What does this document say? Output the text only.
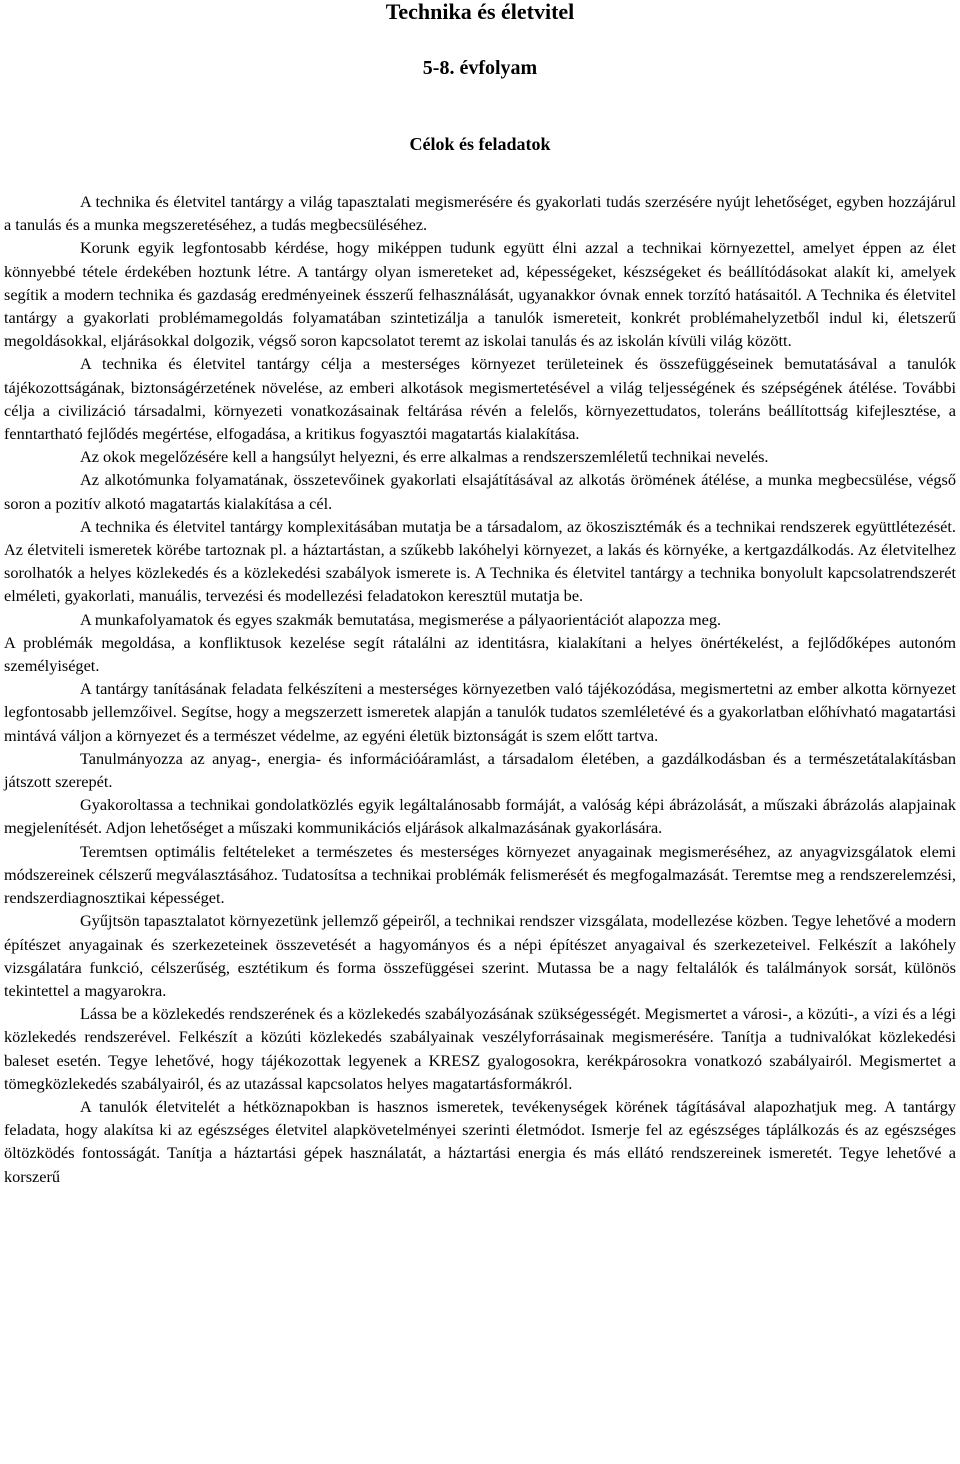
Technika és életvitel
5-8. évfolyam
Célok és feladatok

A technika és életvitel tantárgy a világ tapasztalati megismerésére és gyakorlati tudás szerzésére nyújt lehetőséget, egyben hozzájárul a tanulás és a munka megszeretéséhez, a tudás megbecsüléséhez.

Korunk egyik legfontosabb kérdése, hogy miképpen tudunk együtt élni azzal a technikai környezettel, amelyet éppen az élet könnyebbé tétele érdekében hoztunk létre. A tantárgy olyan ismereteket ad, képességeket, készségeket és beállítódásokat alakít ki, amelyek segítik a modern technika és gazdaság eredményeinek ésszerű felhasználását, ugyanakkor óvnak ennek torzító hatásaitól. A Technika és életvitel tantárgy a gyakorlati problémamegoldás folyamatában szintetizálja a tanulók ismereteit, konkrét problémahelyzetből indul ki, életszerű megoldásokkal, eljárásokkal dolgozik, végső soron kapcsolatot teremt az iskolai tanulás és az iskolán kívüli világ között.

A technika és életvitel tantárgy célja a mesterséges környezet területeinek és összefüggéseinek bemutatásával a tanulók tájékozottságának, biztonságérzetének növelése, az emberi alkotások megismertetésével a világ teljességének és szépségének átélése. További célja a civilizáció társadalmi, környezeti vonatkozásainak feltárása révén a felelős, környezettudatos, toleráns beállítottság kifejlesztése, a fenntartható fejlődés megértése, elfogadása, a kritikus fogyasztói magatartás kialakítása.

Az okok megelőzésére kell a hangsúlyt helyezni, és erre alkalmas a rendszerszemléletű technikai nevelés.

Az alkotómunka folyamatának, összetevőinek gyakorlati elsajátításával az alkotás örömének átélése, a munka megbecsülése, végső soron a pozitív alkotó magatartás kialakítása a cél.

A technika és életvitel tantárgy komplexitásában mutatja be a társadalom, az ökoszisztémák és a technikai rendszerek együttlétezését. Az életviteli ismeretek körébe tartoznak pl. a háztartástan, a szűkebb lakóhelyi környezet, a lakás és környéke, a kertgazdálkodás. Az életvitelhez sorolhatók a helyes közlekedés és a közlekedési szabályok ismerete is. A Technika és életvitel tantárgy a technika bonyolult kapcsolatrendszerét elméleti, gyakorlati, manuális, tervezési és modellezési feladatokon keresztül mutatja be.

A munkafolyamatok és egyes szakmák bemutatása, megismerése a pályaorientációt alapozza meg.

A problémák megoldása, a konfliktusok kezelése segít rátalálni az identitásra, kialakítani a helyes önértékelést, a fejlődőképes autonóm személyiséget.

A tantárgy tanításának feladata felkészíteni a mesterséges környezetben való tájékozódása, megismertetni az ember alkotta környezet legfontosabb jellemzőivel. Segítse, hogy a megszerzett ismeretek alapján a tanulók tudatos szemléletévé és a gyakorlatban előhívható magatartási mintává váljon a környezet és a természet védelme, az egyéni életük biztonságát is szem előtt tartva.

Tanulmányozza az anyag-, energia- és információáramlást, a társadalom életében, a gazdálkodásban és a természetátalakításban játszott szerepét.

Gyakoroltassa a technikai gondolatközlés egyik legáltalánosabb formáját, a valóság képi ábrázolását, a műszaki ábrázolás alapjainak megjelenítését. Adjon lehetőséget a műszaki kommunikációs eljárások alkalmazásának gyakorlására.

Teremtsen optimális feltételeket a természetes és mesterséges környezet anyagainak megismeréséhez, az anyagvizsgálatok elemi módszereinek célszerű megválasztásához. Tudatosítsa a technikai problémák felismerését és megfogalmazását. Teremtse meg a rendszerelemzési, rendszerdiagnosztikai képességet.

Gyűjtsön tapasztalatot környezetünk jellemző gépeiről, a technikai rendszer vizsgálata, modellezése közben. Tegye lehetővé a modern építészet anyagainak és szerkezeteinek összevetését a hagyományos és a népi építészet anyagaival és szerkezeteivel. Felkészít a lakóhely vizsgálatára funkció, célszerűség, esztétikum és forma összefüggései szerint. Mutassa be a nagy feltalálók és találmányok sorsát, különös tekintettel a magyarokra.

Lássa be a közlekedés rendszerének és a közlekedés szabályozásának szükségességét. Megismertet a városi-, a közúti-, a vízi és a légi közlekedés rendszerével. Felkészít a közúti közlekedés szabályainak veszélyforrásainak megismerésére. Tanítja a tudnivalókat közlekedési baleset esetén. Tegye lehetővé, hogy tájékozottak legyenek a KRESZ gyalogosokra, kerékpárosokra vonatkozó szabályairól. Megismertet a tömegközlekedés szabályairól, és az utazással kapcsolatos helyes magatartásformákról.

A tanulók életvitelét a hétköznapokban is hasznos ismeretek, tevékenységek körének tágításával alapozhatjuk meg. A tantárgy feladata, hogy alakítsa ki az egészséges életvitel alapkövetelményei szerinti életmódot. Ismerje fel az egészséges táplálkozás és az egészséges öltözködés fontosságát. Tanítja a háztartási gépek használatát, a háztartási energia és más ellátó rendszereinek ismeretét. Tegye lehetővé a korszerű
